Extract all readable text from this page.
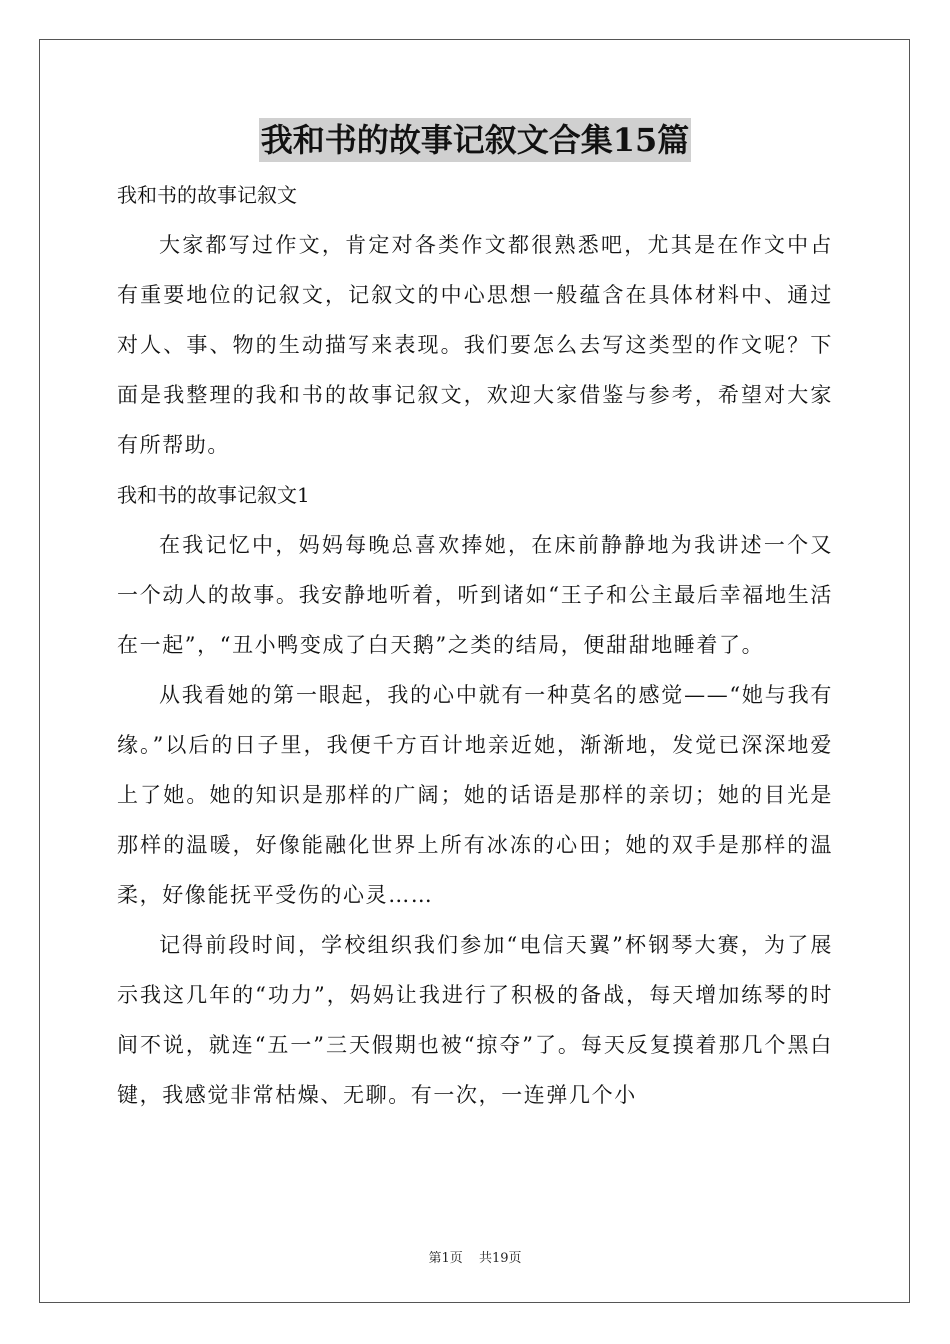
我和书的故事记叙文合集15篇
我和书的故事记叙文

大家都写过作文，肯定对各类作文都很熟悉吧，尤其是在作文中占有重要地位的记叙文，记叙文的中心思想一般蕴含在具体材料中、通过对人、事、物的生动描写来表现。我们要怎么去写这类型的作文呢？下面是我整理的我和书的故事记叙文，欢迎大家借鉴与参考，希望对大家有所帮助。

我和书的故事记叙文1

在我记忆中，妈妈每晚总喜欢捧她，在床前静静地为我讲述一个又一个动人的故事。我安静地听着，听到诸如“王子和公主最后幸福地生活在一起”，“丑小鸭变成了白天鹅”之类的结局，便甜甜地睡着了。

从我看她的第一眼起，我的心中就有一种莫名的感觉——“她与我有缘。”以后的日子里，我便千方百计地亲近她，渐渐地，发觉已深深地爱上了她。她的知识是那样的广阔；她的话语是那样的亲切；她的目光是那样的温暖，好像能融化世界上所有冰冻的心田；她的双手是那样的温柔，好像能抚平受伤的心灵……

记得前段时间，学校组织我们参加“电信天翼”杯钢琴大赛，为了展示我这几年的“功力”，妈妈让我进行了积极的备战，每天增加练琴的时间不说，就连“五一”三天假期也被“掠夺”了。每天反复摸着那几个黑白键，我感觉非常枯燥、无聊。有一次，一连弹几个小

第1页 共19页
